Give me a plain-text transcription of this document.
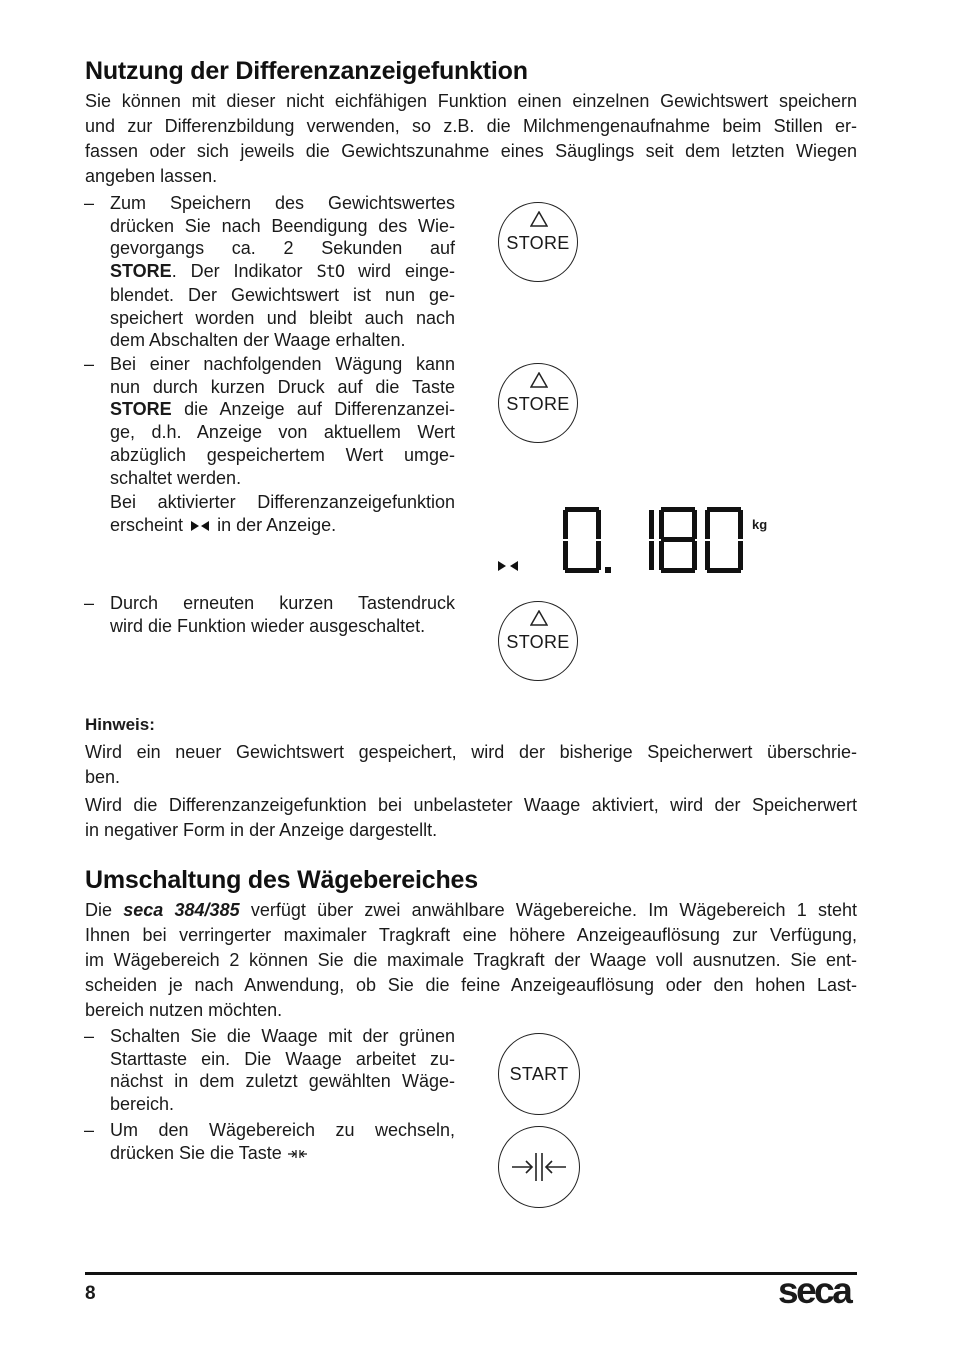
Nutzung der Differenzanzeigefunktion
Sie können mit dieser nicht eichfähigen Funktion einen einzelnen Gewichtswert speichern
und zur Differenzbildung verwenden, so z.B. die Milchmengenaufnahme beim Stillen er-
fassen oder sich jeweils die Gewichtszunahme eines Säuglings seit dem letzten Wiegen
angeben lassen.
– Zum Speichern des Gewichtswertes
drücken Sie nach Beendigung des Wie-
gevorgangs ca. 2 Sekunden auf
STORE. Der Indikator StO wird einge-
blendet. Der Gewichtswert ist nun ge-
speichert worden und bleibt auch nach
dem Abschalten der Waage erhalten.
– Bei einer nachfolgenden Wägung kann
nun durch kurzen Druck auf die Taste
STORE die Anzeige auf Differenzanzei-
ge, d.h. Anzeige von aktuellem Wert
abzüglich gespeichertem Wert umge-
schaltet werden.
Bei aktivierter Differenzanzeigefunktion
erscheint in der Anzeige.
– Durch erneuten kurzen Tastendruck
wird die Funktion wieder ausgeschaltet.
STORE
STORE
STORE
kg
Hinweis:
Wird ein neuer Gewichtswert gespeichert, wird der bisherige Speicherwert überschrie-
ben.
Wird die Differenzanzeigefunktion bei unbelasteter Waage aktiviert, wird der Speicherwert
in negativer Form in der Anzeige dargestellt.
Umschaltung des Wägebereiches
Die seca 384/385 verfügt über zwei anwählbare Wägebereiche. Im Wägebereich 1 steht
Ihnen bei verringerter maximaler Tragkraft eine höhere Anzeigeauflösung zur Verfügung,
im Wägebereich 2 können Sie die maximale Tragkraft der Waage voll ausnutzen. Sie ent-
scheiden je nach Anwendung, ob Sie die feine Anzeigeauflösung oder den hohen Last-
bereich nutzen möchten.
– Schalten Sie die Waage mit der grünen
Starttaste ein. Die Waage arbeitet zu-
nächst in dem zuletzt gewählten Wäge-
bereich.
– Um den Wägebereich zu wechseln,
drücken Sie die Taste
START
8	seca
